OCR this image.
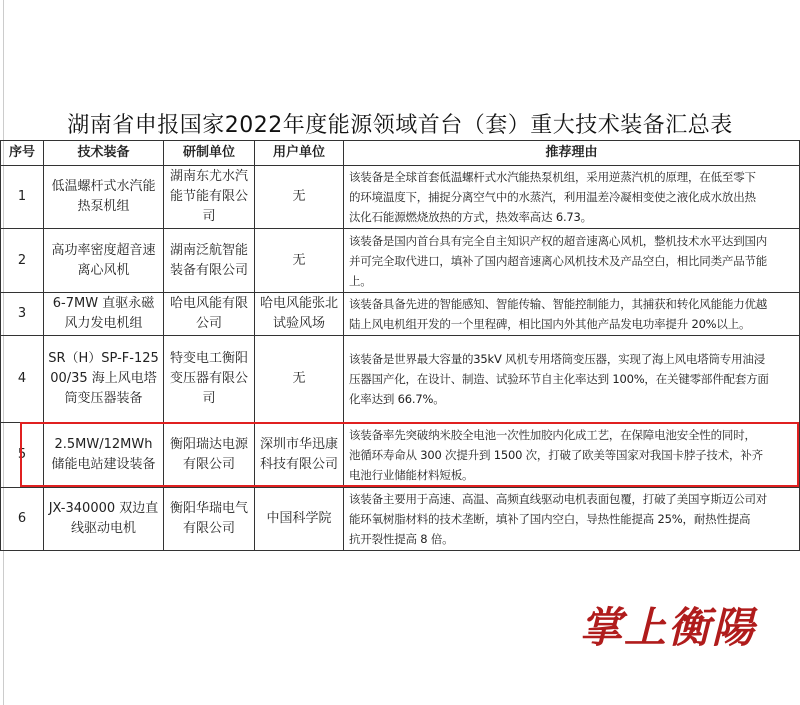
湖南省申报国家2022年度能源领域首台（套）重大技术装备汇总表
序号	技术装备	研制单位	用户单位	推荐理由
1	低温螺杆式水汽能热泵机组	湖南东尤水汽能节能有限公司	无	该装备是全球首套低温螺杆式水汽能热泵机组，采用逆蒸汽机的原理，在低至零下
的环境温度下，捕捉分离空气中的水蒸汽，利用温差冷凝相变使之液化成水放出热
汰化石能源燃烧放热的方式，热效率高达 6.73。

2	高功率密度超音速离心风机	湖南泛航智能装备有限公司	无	该装备是国内首台具有完全自主知识产权的超音速离心风机，整机技术水平达到国内
并可完全取代进口，填补了国内超音速离心风机技术及产品空白，相比同类产品节能
上。

3	6-7MW 直驱永磁风力发电机组	哈电风能有限公司	哈电风能张北试验风场	该装备具备先进的智能感知、智能传输、智能控制能力，其捕获和转化风能能力优越
陆上风电机组开发的一个里程碑，相比国内外其他产品发电功率提升 20%以上。

4	SR（H）SP-F-12500/35 海上风电塔筒变压器装备	特变电工衡阳变压器有限公司	无	该装备是世界最大容量的35kV 风机专用塔筒变压器，实现了海上风电塔筒专用油浸
压器国产化，在设计、制造、试验环节自主化率达到 100%，在关键零部件配套方面
化率达到 66.7%。

5	2.5MW/12MWh 储能电站建设装备	衡阳瑞达电源有限公司	深圳市华迅康科技有限公司	该装备率先突破纳米胶全电池一次性加胶内化成工艺，在保障电池安全性的同时，
池循环寿命从 300 次提升到 1500 次，打破了欧美等国家对我国卡脖子技术，补齐
电池行业储能材料短板。

6	JX-340000 双边直线驱动电机	衡阳华瑞电气有限公司	中国科学院	该装备主要用于高速、高温、高频直线驱动电机表面包覆，打破了美国亨斯迈公司对
能环氧树脂材料的技术垄断，填补了国内空白，导热性能提高 25%，耐热性提高
抗开裂性提高 8 倍。
掌上衡陽
